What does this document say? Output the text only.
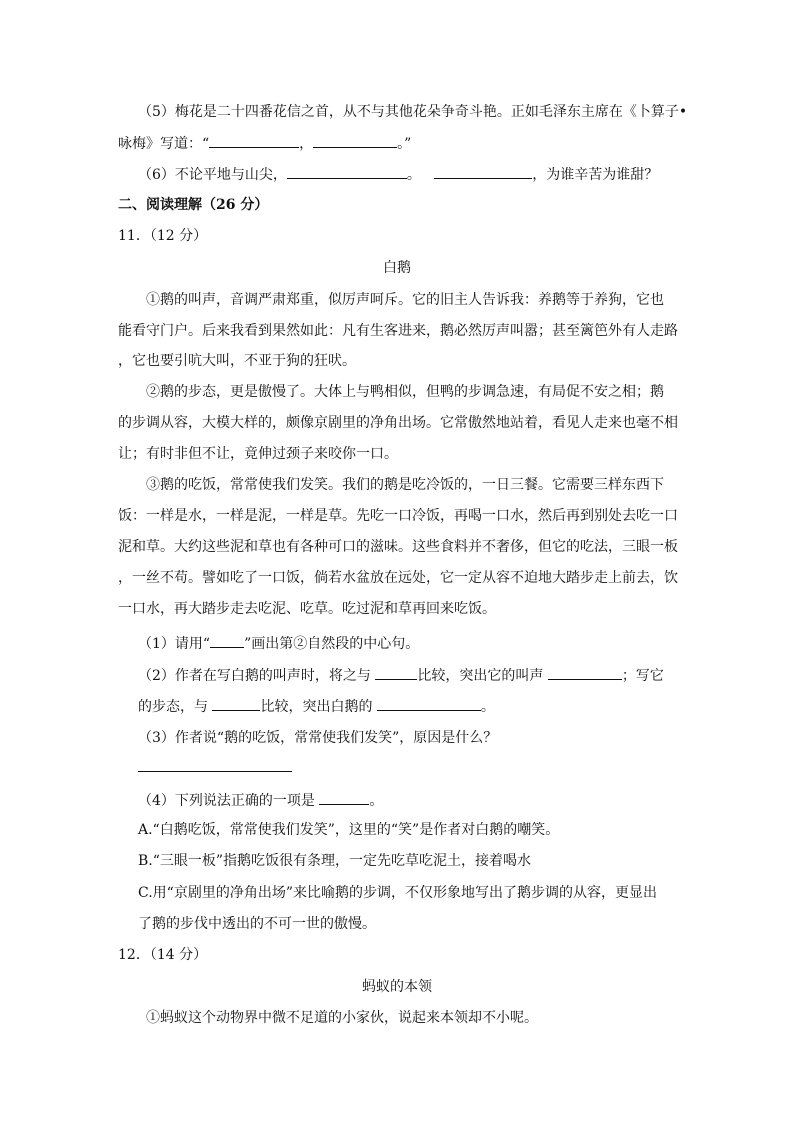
（5）梅花是二十四番花信之首，从不与其他花朵争奇斗艳。正如毛泽东主席在《卜算子•
咏梅》写道：“	，	。”
（6）不论平地与山尖，	。	，为谁辛苦为谁甜？
二、阅读理解（26 分）
11．（12 分）
白鹅
①鹅的叫声，音调严肃郑重，似厉声呵斥。它的旧主人告诉我：养鹅等于养狗，它也
能看守门户。后来我看到果然如此：凡有生客进来，鹅必然厉声叫嚣；甚至篱笆外有人走路
，它也要引吭大叫，不亚于狗的狂吠。
②鹅的步态，更是傲慢了。大体上与鸭相似，但鸭的步调急速，有局促不安之相；鹅
的步调从容，大模大样的，颇像京剧里的净角出场。它常傲然地站着，看见人走来也毫不相
让；有时非但不让，竟伸过颈子来咬你一口。
③鹅的吃饭，常常使我们发笑。我们的鹅是吃冷饭的，一日三餐。它需要三样东西下
饭：一样是水，一样是泥，一样是草。先吃一口冷饭，再喝一口水，然后再到别处去吃一口
泥和草。大约这些泥和草也有各种可口的滋味。这些食料并不奢侈，但它的吃法，三眼一板
，一丝不苟。譬如吃了一口饭，倘若水盆放在远处，它一定从容不迫地大踏步走上前去，饮
一口水，再大踏步走去吃泥、吃草。吃过泥和草再回来吃饭。
（1）请用“ ”画出第②自然段的中心句。
（2）作者在写白鹅的叫声时，将之与	比较，突出它的叫声	；写它
的步态，与	比较，突出白鹅的	。
（3）作者说“鹅的吃饭，常常使我们发笑”，原因是什么？
（4）下列说法正确的一项是	。
A.“白鹅吃饭，常常使我们发笑”，这里的“笑”是作者对白鹅的嘲笑。
B.“三眼一板”指鹅吃饭很有条理，一定先吃草吃泥土，接着喝水
C.用“京剧里的净角出场”来比喻鹅的步调，不仅形象地写出了鹅步调的从容，更显出
了鹅的步伐中透出的不可一世的傲慢。
12．（14 分）
蚂蚁的本领
①蚂蚁这个动物界中微不足道的小家伙，说起来本领却不小呢。
